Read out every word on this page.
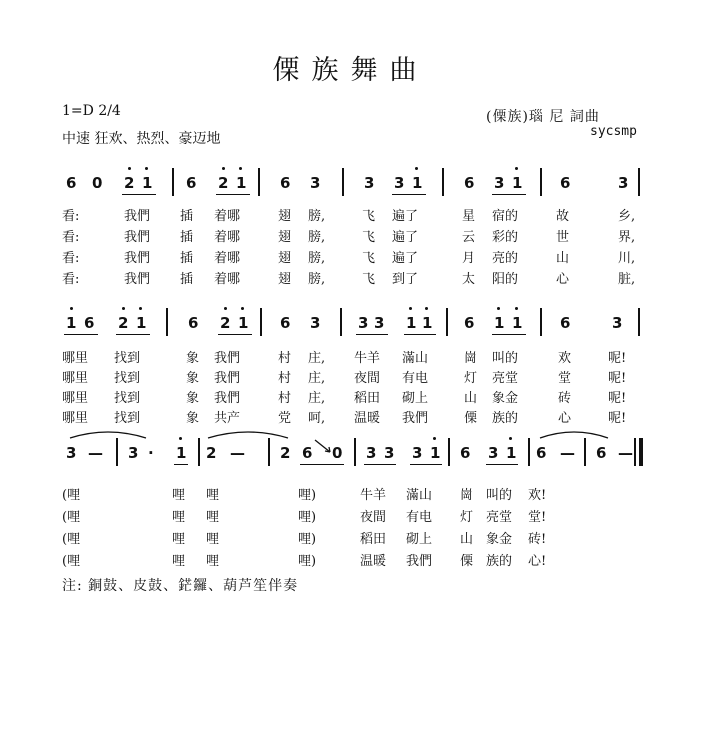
傈族舞曲
1=D 2/4	(傈族)瑙 尼 詞曲
sycsmp
中速 狂欢、热烈、豪迈地
6 0 2 1 6 2 1 6 3	3 3 1	6 3 1	6	3
看:	我們 插 着哪	翅 膀,	飞 遍了	星 宿的	故	乡,
看:	我們 插 着哪	翅 膀,	飞 遍了	云 彩的	世	界,
看:	我們 插 着哪	翅 膀,	飞 遍了	月 亮的	山	川,
看:	我們 插 着哪	翅 膀,	飞 到了	太 阳的	心	脏,
1 6 2 1	6 2 1 6 3	3 3 1 1 6 1 1	6	3
哪里 找到	象 我們	村 庄, 牛羊 滿山	崗 叫的	欢	呢!
哪里 找到	象 我們	村 庄, 夜間 有电	灯 亮堂	堂	呢!
哪里 找到	象 我們	村 庄, 稻田 砌上	山 象金	砖	呢!
哪里 找到	象 共产	党 呵, 温暖 我們	傈 族的	心	呢!
3 — 3 · 1 2 — 2 6 0 3 3 3 1 6 3 1 6 — 6 —
(哩	哩 哩	哩)	牛羊 滿山 崗 叫的 欢!
(哩	哩 哩	哩)	夜間 有电 灯 亮堂 堂!
(哩	哩 哩	哩)	稻田 砌上 山 象金 砖!
(哩	哩 哩	哩)	温暖 我們 傈 族的 心!
注: 銅鼓、皮鼓、鋩鑼、葫芦笙伴奏
